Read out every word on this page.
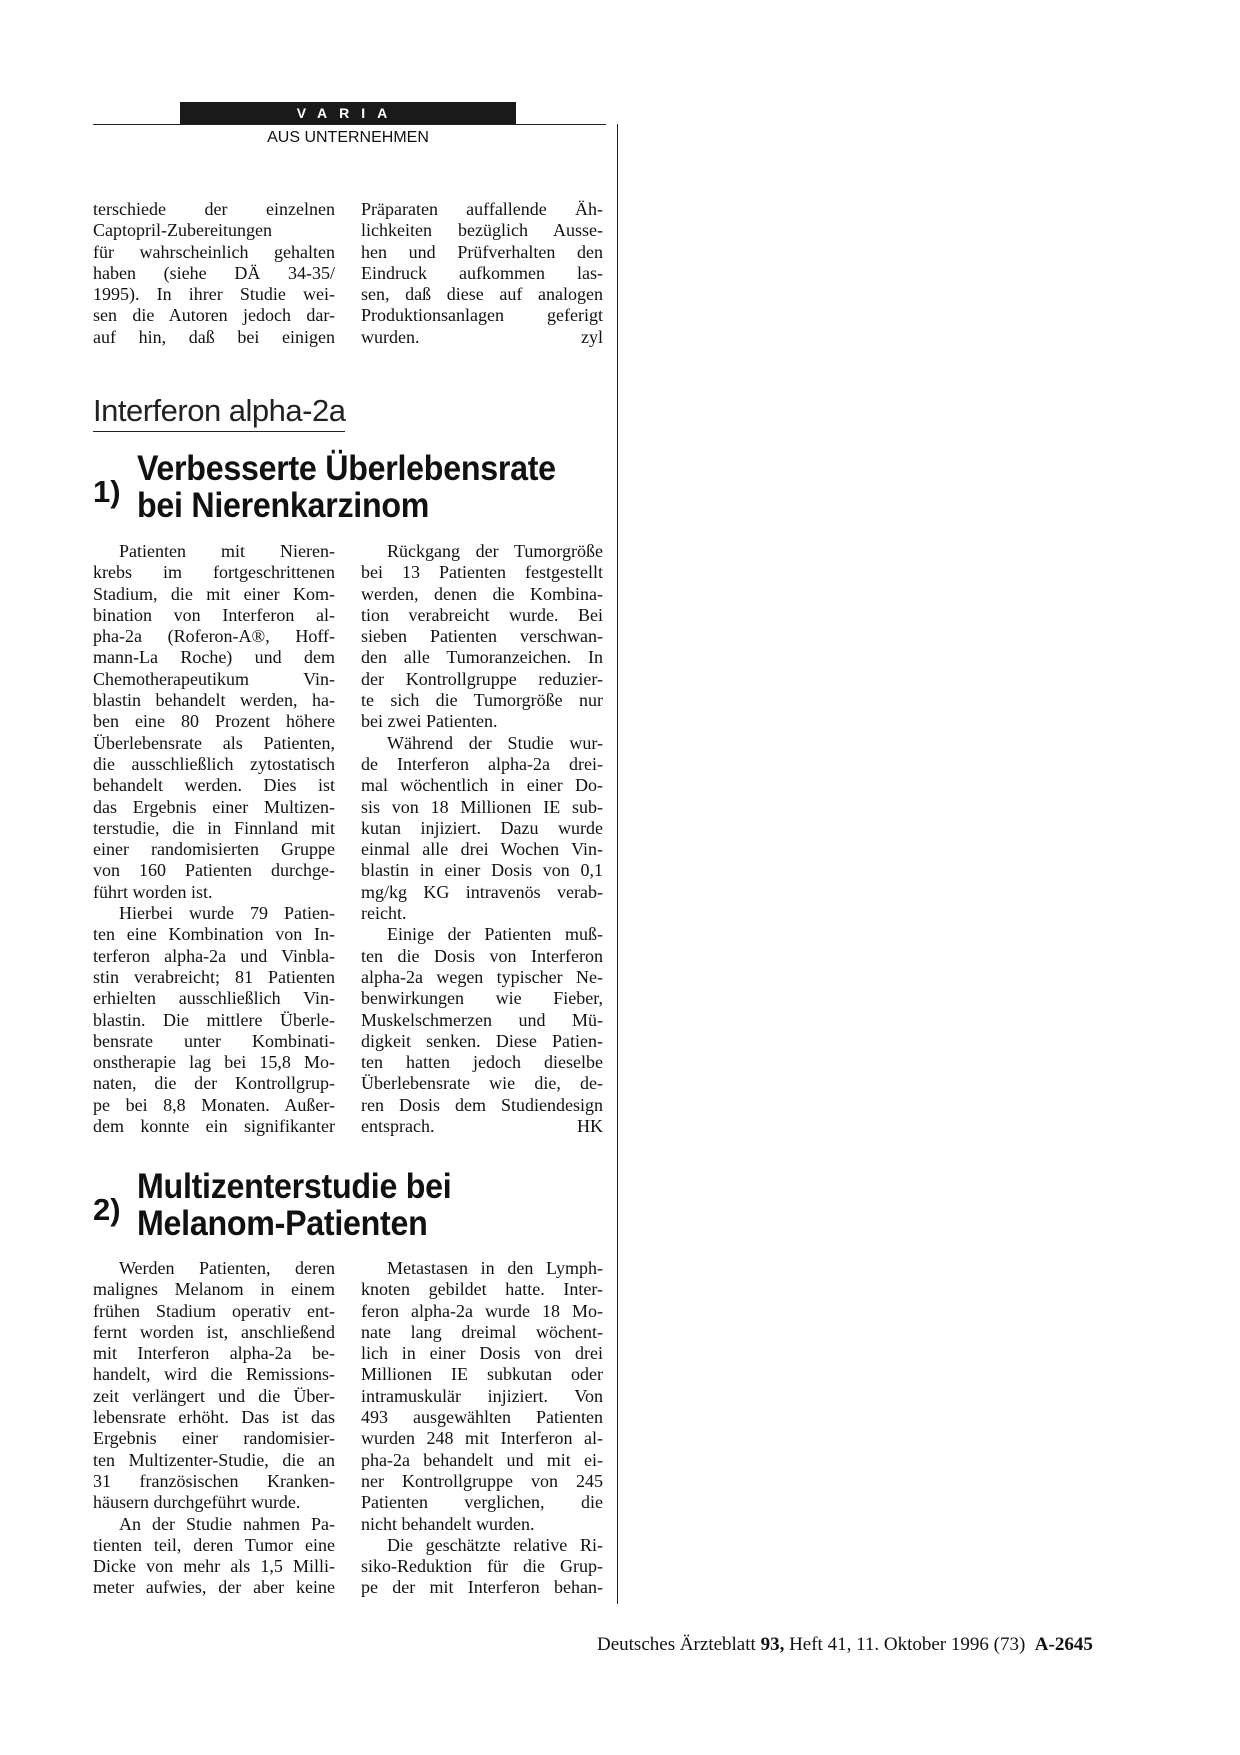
VARIA
AUS UNTERNEHMEN

terschiede der einzelnen
Captopril-Zubereitungen
für wahrscheinlich gehalten
haben (siehe DÄ 34-35/
1995). In ihrer Studie wei-
sen die Autoren jedoch dar-
auf hin, daß bei einigen

Präparaten auffallende Äh-
lichkeiten bezüglich Ausse-
hen und Prüfverhalten den
Eindruck aufkommen las-
sen, daß diese auf analogen
Produktionsanlagen geferigt

wurden.	zyl
Interferon alpha-2a
1)
Verbesserte Überlebensrate
bei Nierenkarzinom

Patienten mit Nieren-
krebs im fortgeschrittenen
Stadium, die mit einer Kom-
bination von Interferon al-
pha-2a (Roferon-A®, Hoff-
mann-La Roche) und dem
Chemotherapeutikum Vin-
blastin behandelt werden, ha-
ben eine 80 Prozent höhere
Überlebensrate als Patienten,
die ausschließlich zytostatisch
behandelt werden. Dies ist
das Ergebnis einer Multizen-
terstudie, die in Finnland mit
einer randomisierten Gruppe
von 160 Patienten durchge-
führt worden ist.

Hierbei wurde 79 Patien-
ten eine Kombination von In-
terferon alpha-2a und Vinbla-
stin verabreicht; 81 Patienten
erhielten ausschließlich Vin-
blastin. Die mittlere Überle-
bensrate unter Kombinati-
onstherapie lag bei 15,8 Mo-
naten, die der Kontrollgrup-
pe bei 8,8 Monaten. Außer-
dem konnte ein signifikanter

Rückgang der Tumorgröße
bei 13 Patienten festgestellt
werden, denen die Kombina-
tion verabreicht wurde. Bei
sieben Patienten verschwan-
den alle Tumoranzeichen. In
der Kontrollgruppe reduzier-
te sich die Tumorgröße nur
bei zwei Patienten.

Während der Studie wur-
de Interferon alpha-2a drei-
mal wöchentlich in einer Do-
sis von 18 Millionen IE sub-
kutan injiziert. Dazu wurde
einmal alle drei Wochen Vin-
blastin in einer Dosis von 0,1
mg/kg KG intravenös verab-
reicht.

Einige der Patienten muß-
ten die Dosis von Interferon
alpha-2a wegen typischer Ne-
benwirkungen wie Fieber,
Muskelschmerzen und Mü-
digkeit senken. Diese Patien-
ten hatten jedoch dieselbe
Überlebensrate wie die, de-
ren Dosis dem Studiendesign

entsprach.	HK
2)
Multizenterstudie bei
Melanom-Patienten

Werden Patienten, deren
malignes Melanom in einem
frühen Stadium operativ ent-
fernt worden ist, anschließend
mit Interferon alpha-2a be-
handelt, wird die Remissions-
zeit verlängert und die Über-
lebensrate erhöht. Das ist das
Ergebnis einer randomisier-
ten Multizenter-Studie, die an
31 französischen Kranken-
häusern durchgeführt wurde.

An der Studie nahmen Pa-
tienten teil, deren Tumor eine
Dicke von mehr als 1,5 Milli-
meter aufwies, der aber keine

Metastasen in den Lymph-
knoten gebildet hatte. Inter-
feron alpha-2a wurde 18 Mo-
nate lang dreimal wöchent-
lich in einer Dosis von drei
Millionen IE subkutan oder
intramuskulär injiziert. Von
493 ausgewählten Patienten
wurden 248 mit Interferon al-
pha-2a behandelt und mit ei-
ner Kontrollgruppe von 245
Patienten verglichen, die
nicht behandelt wurden.

Die geschätzte relative Ri-
siko-Reduktion für die Grup-
pe der mit Interferon behan-

Deutsches Ärzteblatt 93, Heft 41, 11. Oktober 1996 (73) A-2645
